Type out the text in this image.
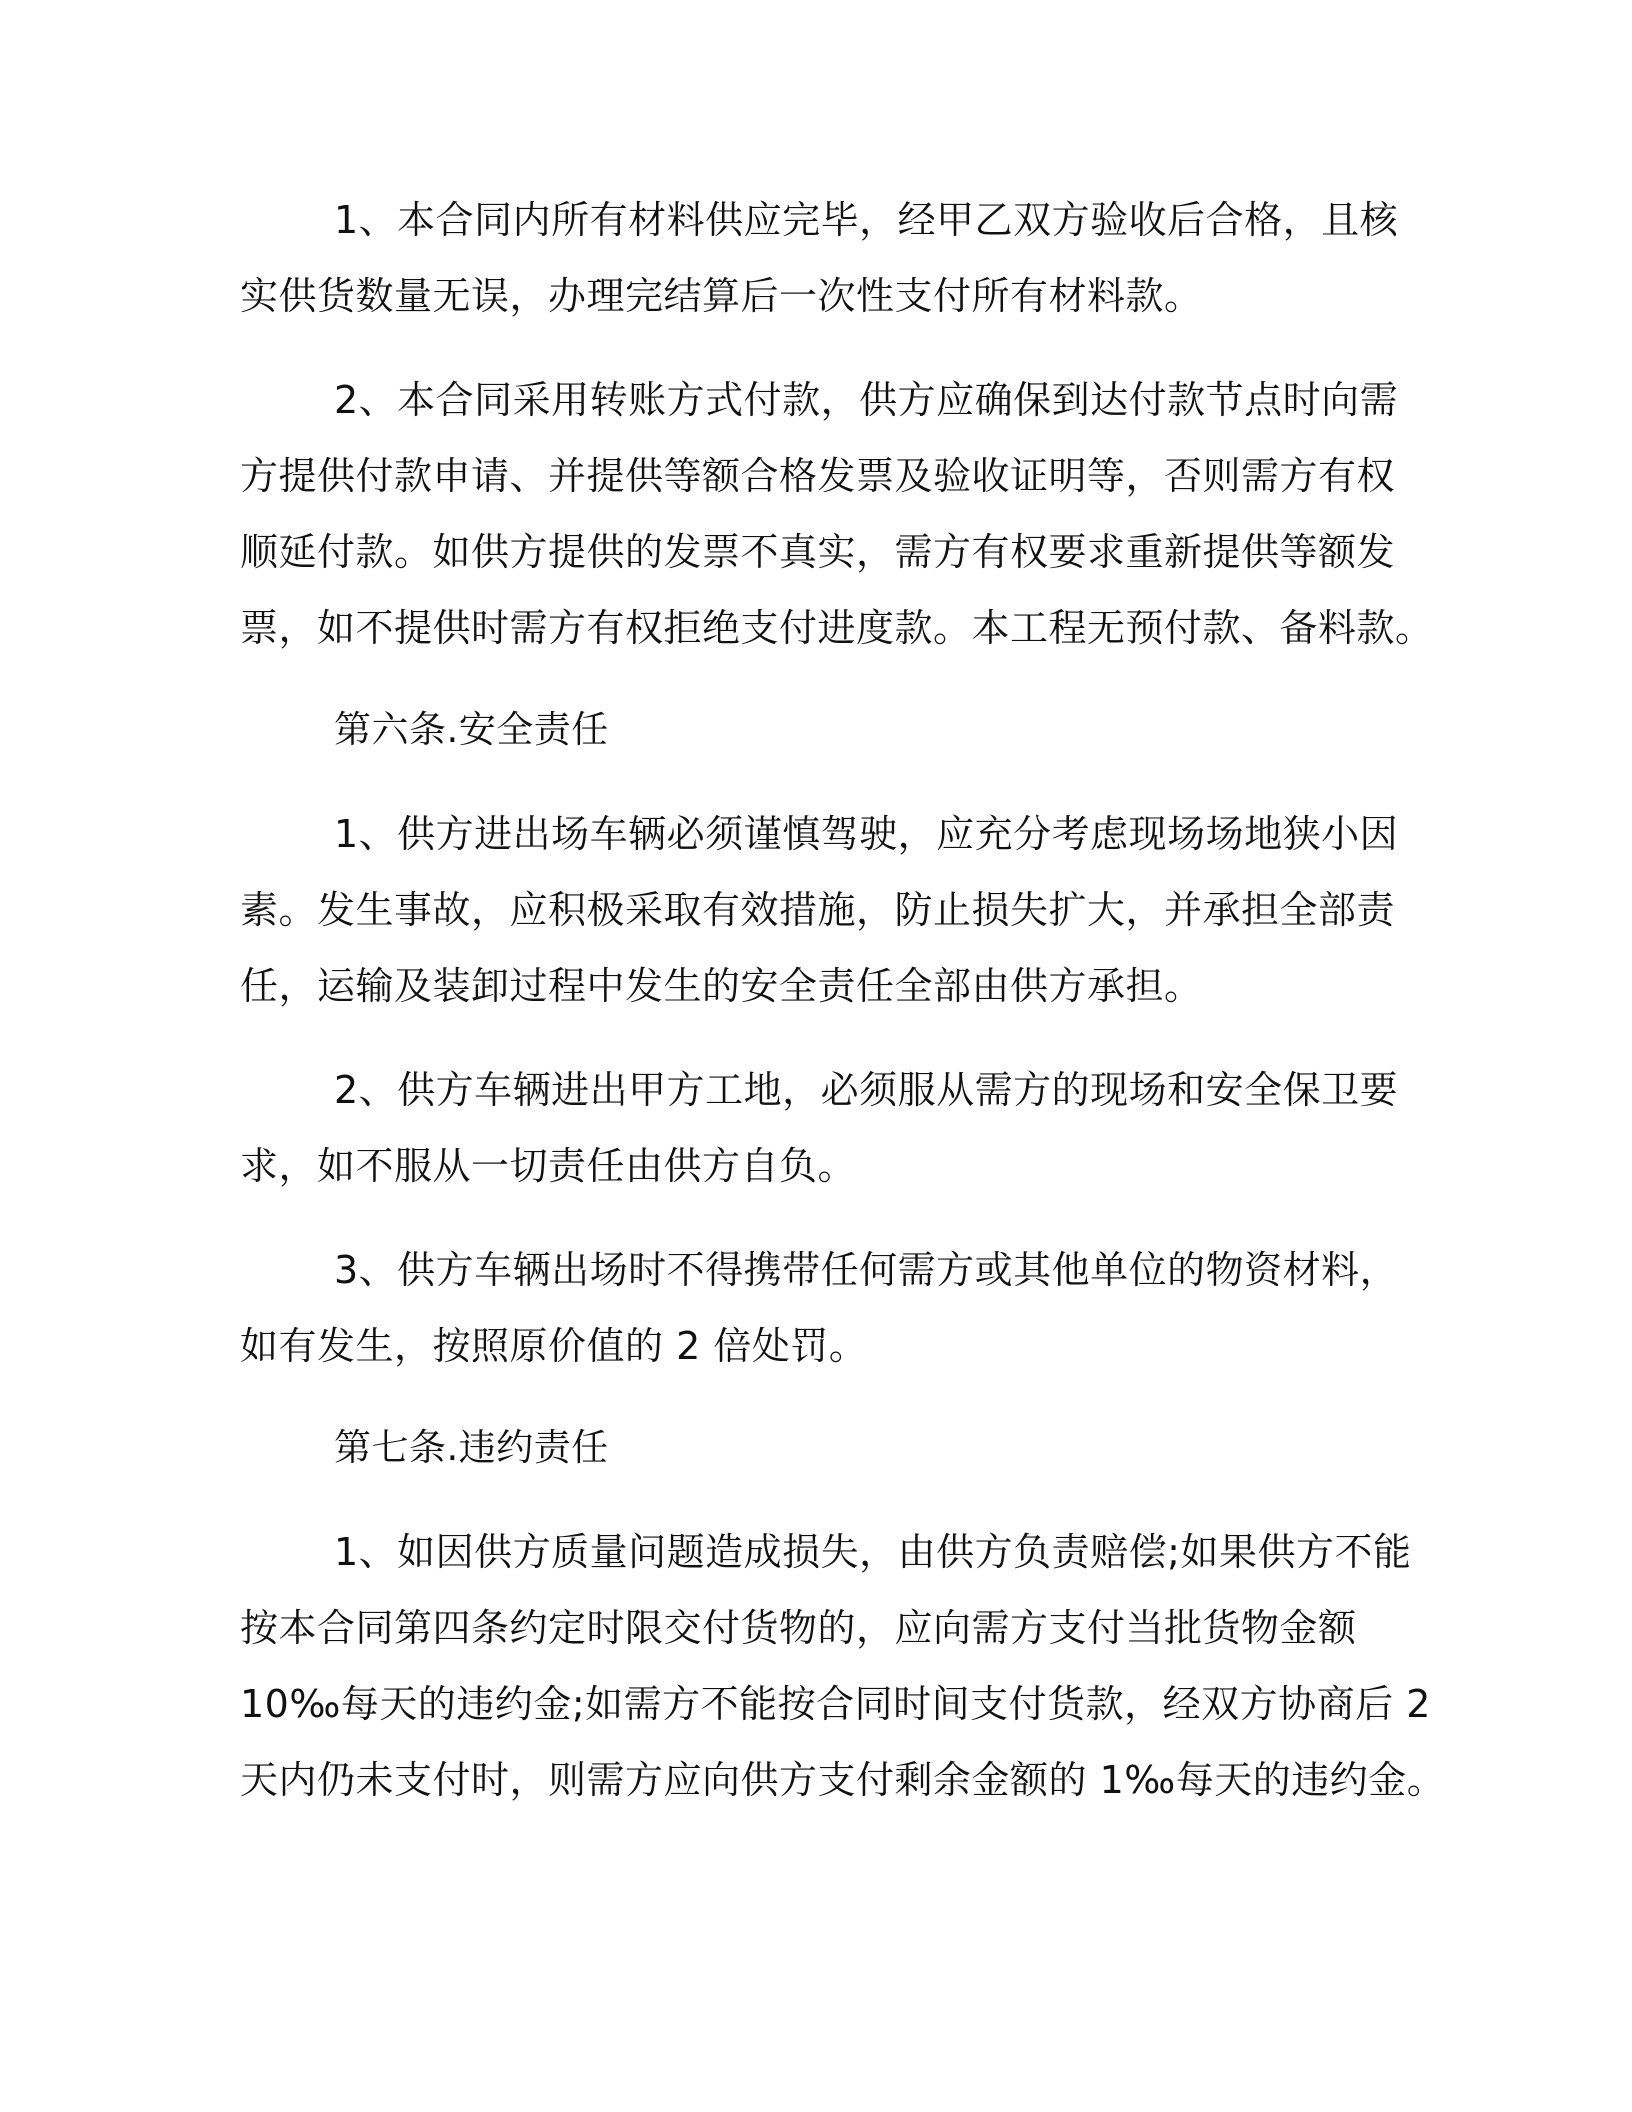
1、本合同内所有材料供应完毕，经甲乙双方验收后合格，且核
实供货数量无误，办理完结算后一次性支付所有材料款。
2、本合同采用转账方式付款，供方应确保到达付款节点时向需
方提供付款申请、并提供等额合格发票及验收证明等，否则需方有权
顺延付款。如供方提供的发票不真实，需方有权要求重新提供等额发
票，如不提供时需方有权拒绝支付进度款。本工程无预付款、备料款。
第六条.安全责任
1、供方进出场车辆必须谨慎驾驶，应充分考虑现场场地狭小因
素。发生事故，应积极采取有效措施，防止损失扩大，并承担全部责
任，运输及装卸过程中发生的安全责任全部由供方承担。
2、供方车辆进出甲方工地，必须服从需方的现场和安全保卫要
求，如不服从一切责任由供方自负。
3、供方车辆出场时不得携带任何需方或其他单位的物资材料，
如有发生，按照原价值的 2 倍处罚。
第七条.违约责任
1、如因供方质量问题造成损失，由供方负责赔偿;如果供方不能
按本合同第四条约定时限交付货物的，应向需方支付当批货物金额
10‰每天的违约金;如需方不能按合同时间支付货款，经双方协商后 2
天内仍未支付时，则需方应向供方支付剩余金额的 1‰每天的违约金。
